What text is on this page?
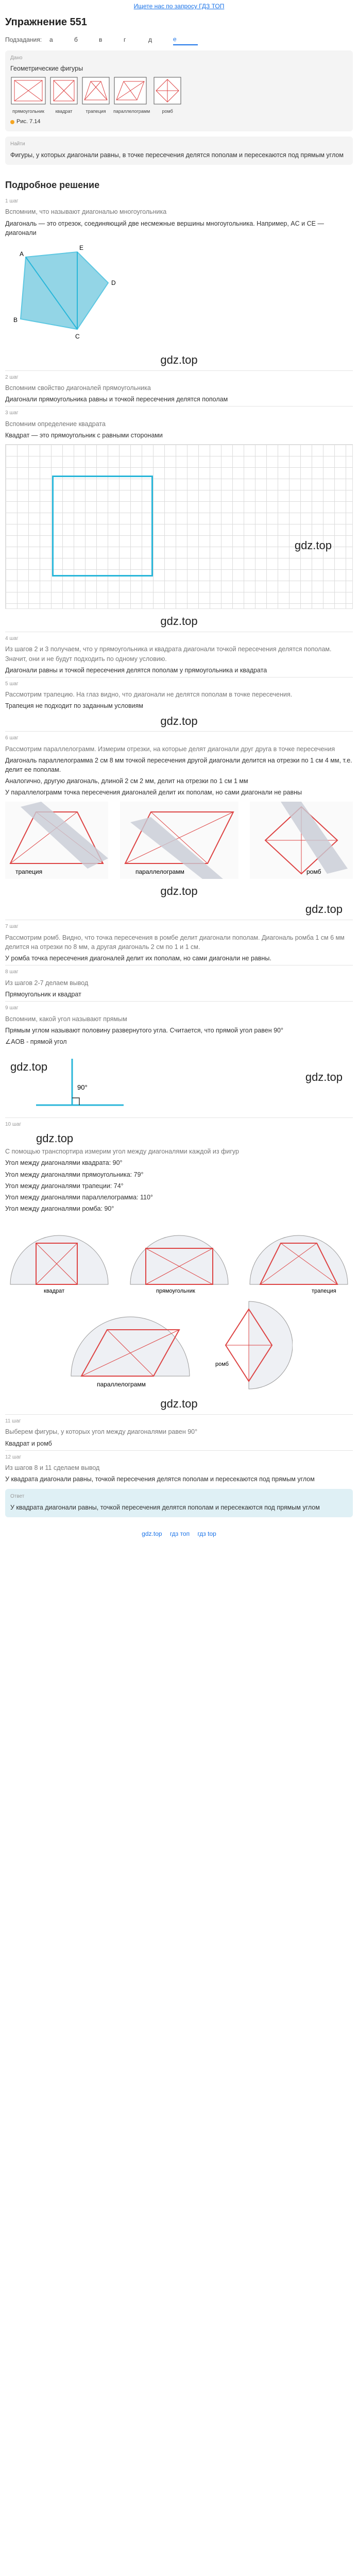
Ищете нас по запросу ГДЗ ТОП
Упражнение 551
Подзадания:	а	б	в	г	д	е
Дано
Геометрические фигуры
прямоугольник	квадрат	трапеция	параллелограмм	ромб
Рис. 7.14
Найти
Фигуры, у которых диагонали равны, в точке пересечения делятся пополам и пересекаются под прямым углом
Подробное решение
1 шаг
Вспомним, что называют диагональю многоугольника
Диагональ — это отрезок, соединяющий две несмежные вершины многоугольника. Например, AC и CE — диагонали
A
E
D
B
C
gdz.top
2 шаг
Вспомним свойство диагоналей прямоугольника
Диагонали прямоугольника равны и точкой пересечения делятся пополам
3 шаг
Вспомним определение квадрата
Квадрат — это прямоугольник с равными сторонами
gdz.top
gdz.top
4 шаг
Из шагов 2 и 3 получаем, что у прямоугольника и квадрата диагонали точкой пересечения делятся пополам. Значит, они и не будут подходить по одному условию.
Диагонали равны и точкой пересечения делятся пополам у прямоугольника и квадрата
5 шаг
Рассмотрим трапецию. На глаз видно, что диагонали не делятся пополам в точке пересечения.
Трапеция не подходит по заданным условиям
gdz.top
6 шаг
Рассмотрим параллелограмм. Измерим отрезки, на которые делят диагонали друг друга в точке пересечения
Диагональ параллелограмма 2 см 8 мм точкой пересечения другой диагонали делится на отрезки по 1 см 4 мм, т.е. делит ее пополам.
Аналогично, другую диагональ, длиной 2 см 2 мм, делит на отрезки по 1 см 1 мм
У параллелограмм точка пересечения диагоналей делит их пополам, но сами диагонали не равны
трапеция	параллелограмм	ромб
gdz.top
gdz.top
7 шаг
Рассмотрим ромб. Видно, что точка пересечения в ромбе делит диагонали пополам. Диагональ ромба 1 см 6 мм делится на отрезки по 8 мм, а другая диагональ 2 см по 1 и 1 см.
У ромба точка пересечения диагоналей делит их пополам, но сами диагонали не равны.
8 шаг
Из шагов 2-7 делаем вывод
Прямоугольник и квадрат
9 шаг
Вспомним, какой угол называют прямым
Прямым углом называют половину развернутого угла. Считается, что прямой угол равен 90°
∠AOB - прямой угол
gdz.top
gdz.top
90°
10 шаг
gdz.top
С помощью транспортира измерим угол между диагоналями каждой из фигур
Угол между диагоналями квадрата: 90°
Угол между диагоналями прямоугольника: 79°
Угол между диагоналями трапеции: 74°
Угол между диагоналями параллелограмма: 110°
Угол между диагоналями ромба: 90°
квадрат	прямоугольник	трапеция
параллелограмм
ромб
gdz.top
11 шаг
Выберем фигуры, у которых угол между диагоналями равен 90°
Квадрат и ромб
12 шаг
Из шагов 8 и 11 сделаем вывод
У квадрата диагонали равны, точкой пересечения делятся пополам и пересекаются под прямым углом
Ответ
У квадрата диагонали равны, точкой пересечения делятся пополам и пересекаются под прямым углом
gdz.top гдз топ гдз top
